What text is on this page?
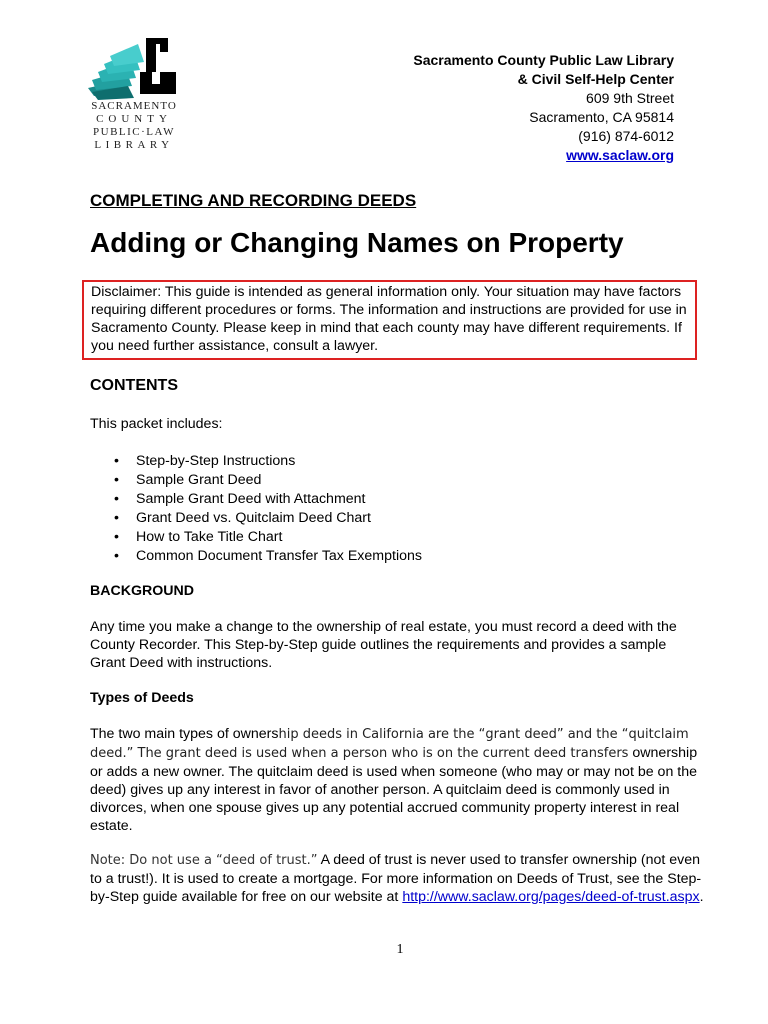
SACRAMENTO
COUNTY
PUBLIC·LAW
LIBRARY
Sacramento County Public Law Library
& Civil Self-Help Center
609 9th Street
Sacramento, CA 95814
(916) 874-6012
www.saclaw.org
COMPLETING AND RECORDING DEEDS
Adding or Changing Names on Property
Disclaimer: This guide is intended as general information only. Your situation may have factors requiring different procedures or forms. The information and instructions are provided for use in Sacramento County. Please keep in mind that each county may have different requirements. If you need further assistance, consult a lawyer.
CONTENTS
This packet includes:
• Step-by-Step Instructions
• Sample Grant Deed
• Sample Grant Deed with Attachment
• Grant Deed vs. Quitclaim Deed Chart
• How to Take Title Chart
• Common Document Transfer Tax Exemptions
BACKGROUND
Any time you make a change to the ownership of real estate, you must record a deed with the County Recorder. This Step-by-Step guide outlines the requirements and provides a sample Grant Deed with instructions.
Types of Deeds
The two main types of ownership deeds in California are the “grant deed” and the “quitclaim deed.” The grant deed is used when a person who is on the current deed transfers ownership or adds a new owner. The quitclaim deed is used when someone (who may or may not be on the deed) gives up any interest in favor of another person. A quitclaim deed is commonly used in divorces, when one spouse gives up any potential accrued community property interest in real estate.
Note: Do not use a “deed of trust.” A deed of trust is never used to transfer ownership (not even to a trust!). It is used to create a mortgage. For more information on Deeds of Trust, see the Step-by-Step guide available for free on our website at http://www.saclaw.org/pages/deed-of-trust.aspx.
1
